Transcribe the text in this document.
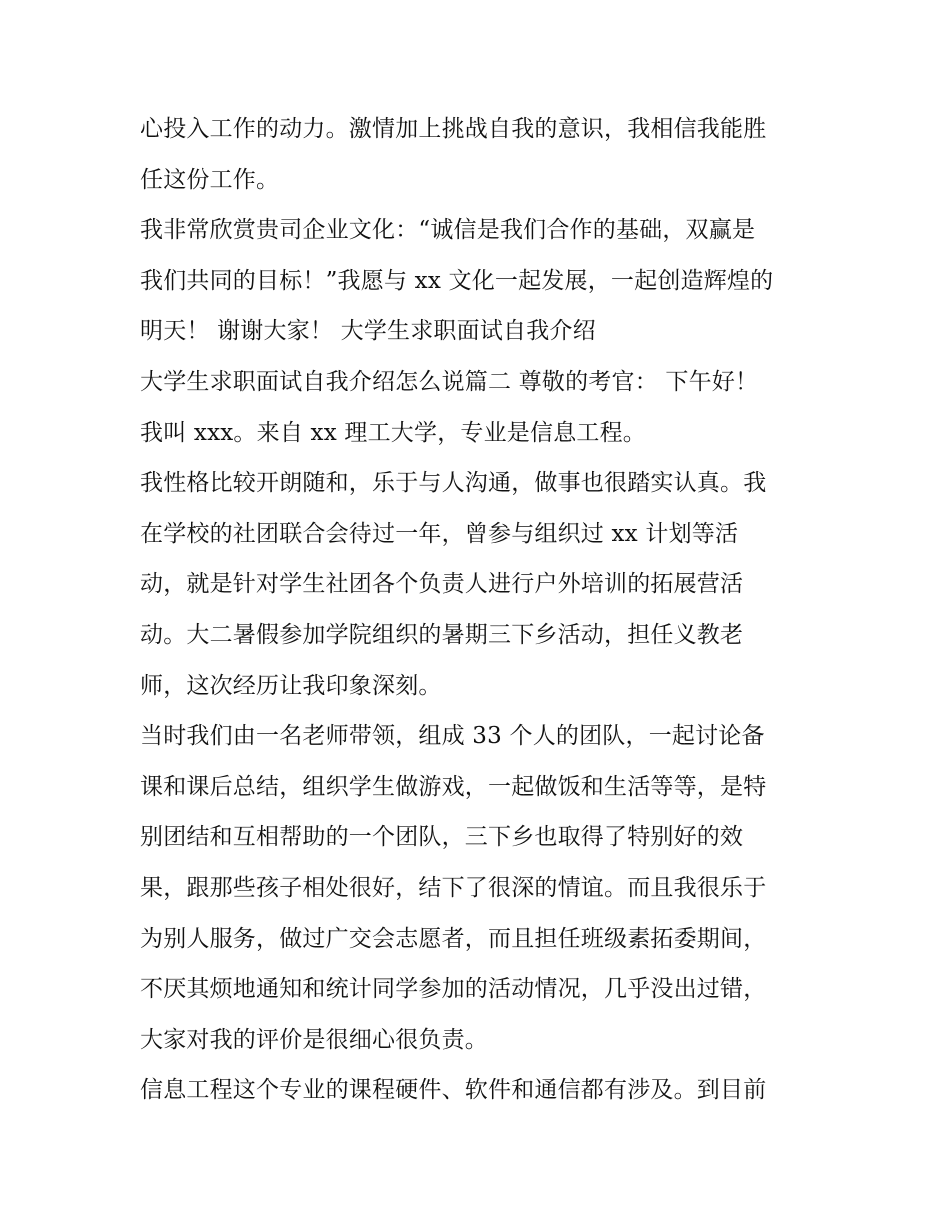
心投入工作的动力。激情加上挑战自我的意识，我相信我能胜
任这份工作。
我非常欣赏贵司企业文化：“诚信是我们合作的基础，双赢是
我们共同的目标！”我愿与 xx 文化一起发展，一起创造辉煌的
明天！ 谢谢大家！ 大学生求职面试自我介绍
大学生求职面试自我介绍怎么说篇二 尊敬的考官： 下午好！
我叫 xxx。来自 xx 理工大学，专业是信息工程。
我性格比较开朗随和，乐于与人沟通，做事也很踏实认真。我
在学校的社团联合会待过一年，曾参与组织过 xx 计划等活
动，就是针对学生社团各个负责人进行户外培训的拓展营活
动。大二暑假参加学院组织的暑期三下乡活动，担任义教老
师，这次经历让我印象深刻。
当时我们由一名老师带领，组成 33 个人的团队，一起讨论备
课和课后总结，组织学生做游戏，一起做饭和生活等等，是特
别团结和互相帮助的一个团队，三下乡也取得了特别好的效
果，跟那些孩子相处很好，结下了很深的情谊。而且我很乐于
为别人服务，做过广交会志愿者，而且担任班级素拓委期间，
不厌其烦地通知和统计同学参加的活动情况，几乎没出过错，
大家对我的评价是很细心很负责。
信息工程这个专业的课程硬件、软件和通信都有涉及。到目前
